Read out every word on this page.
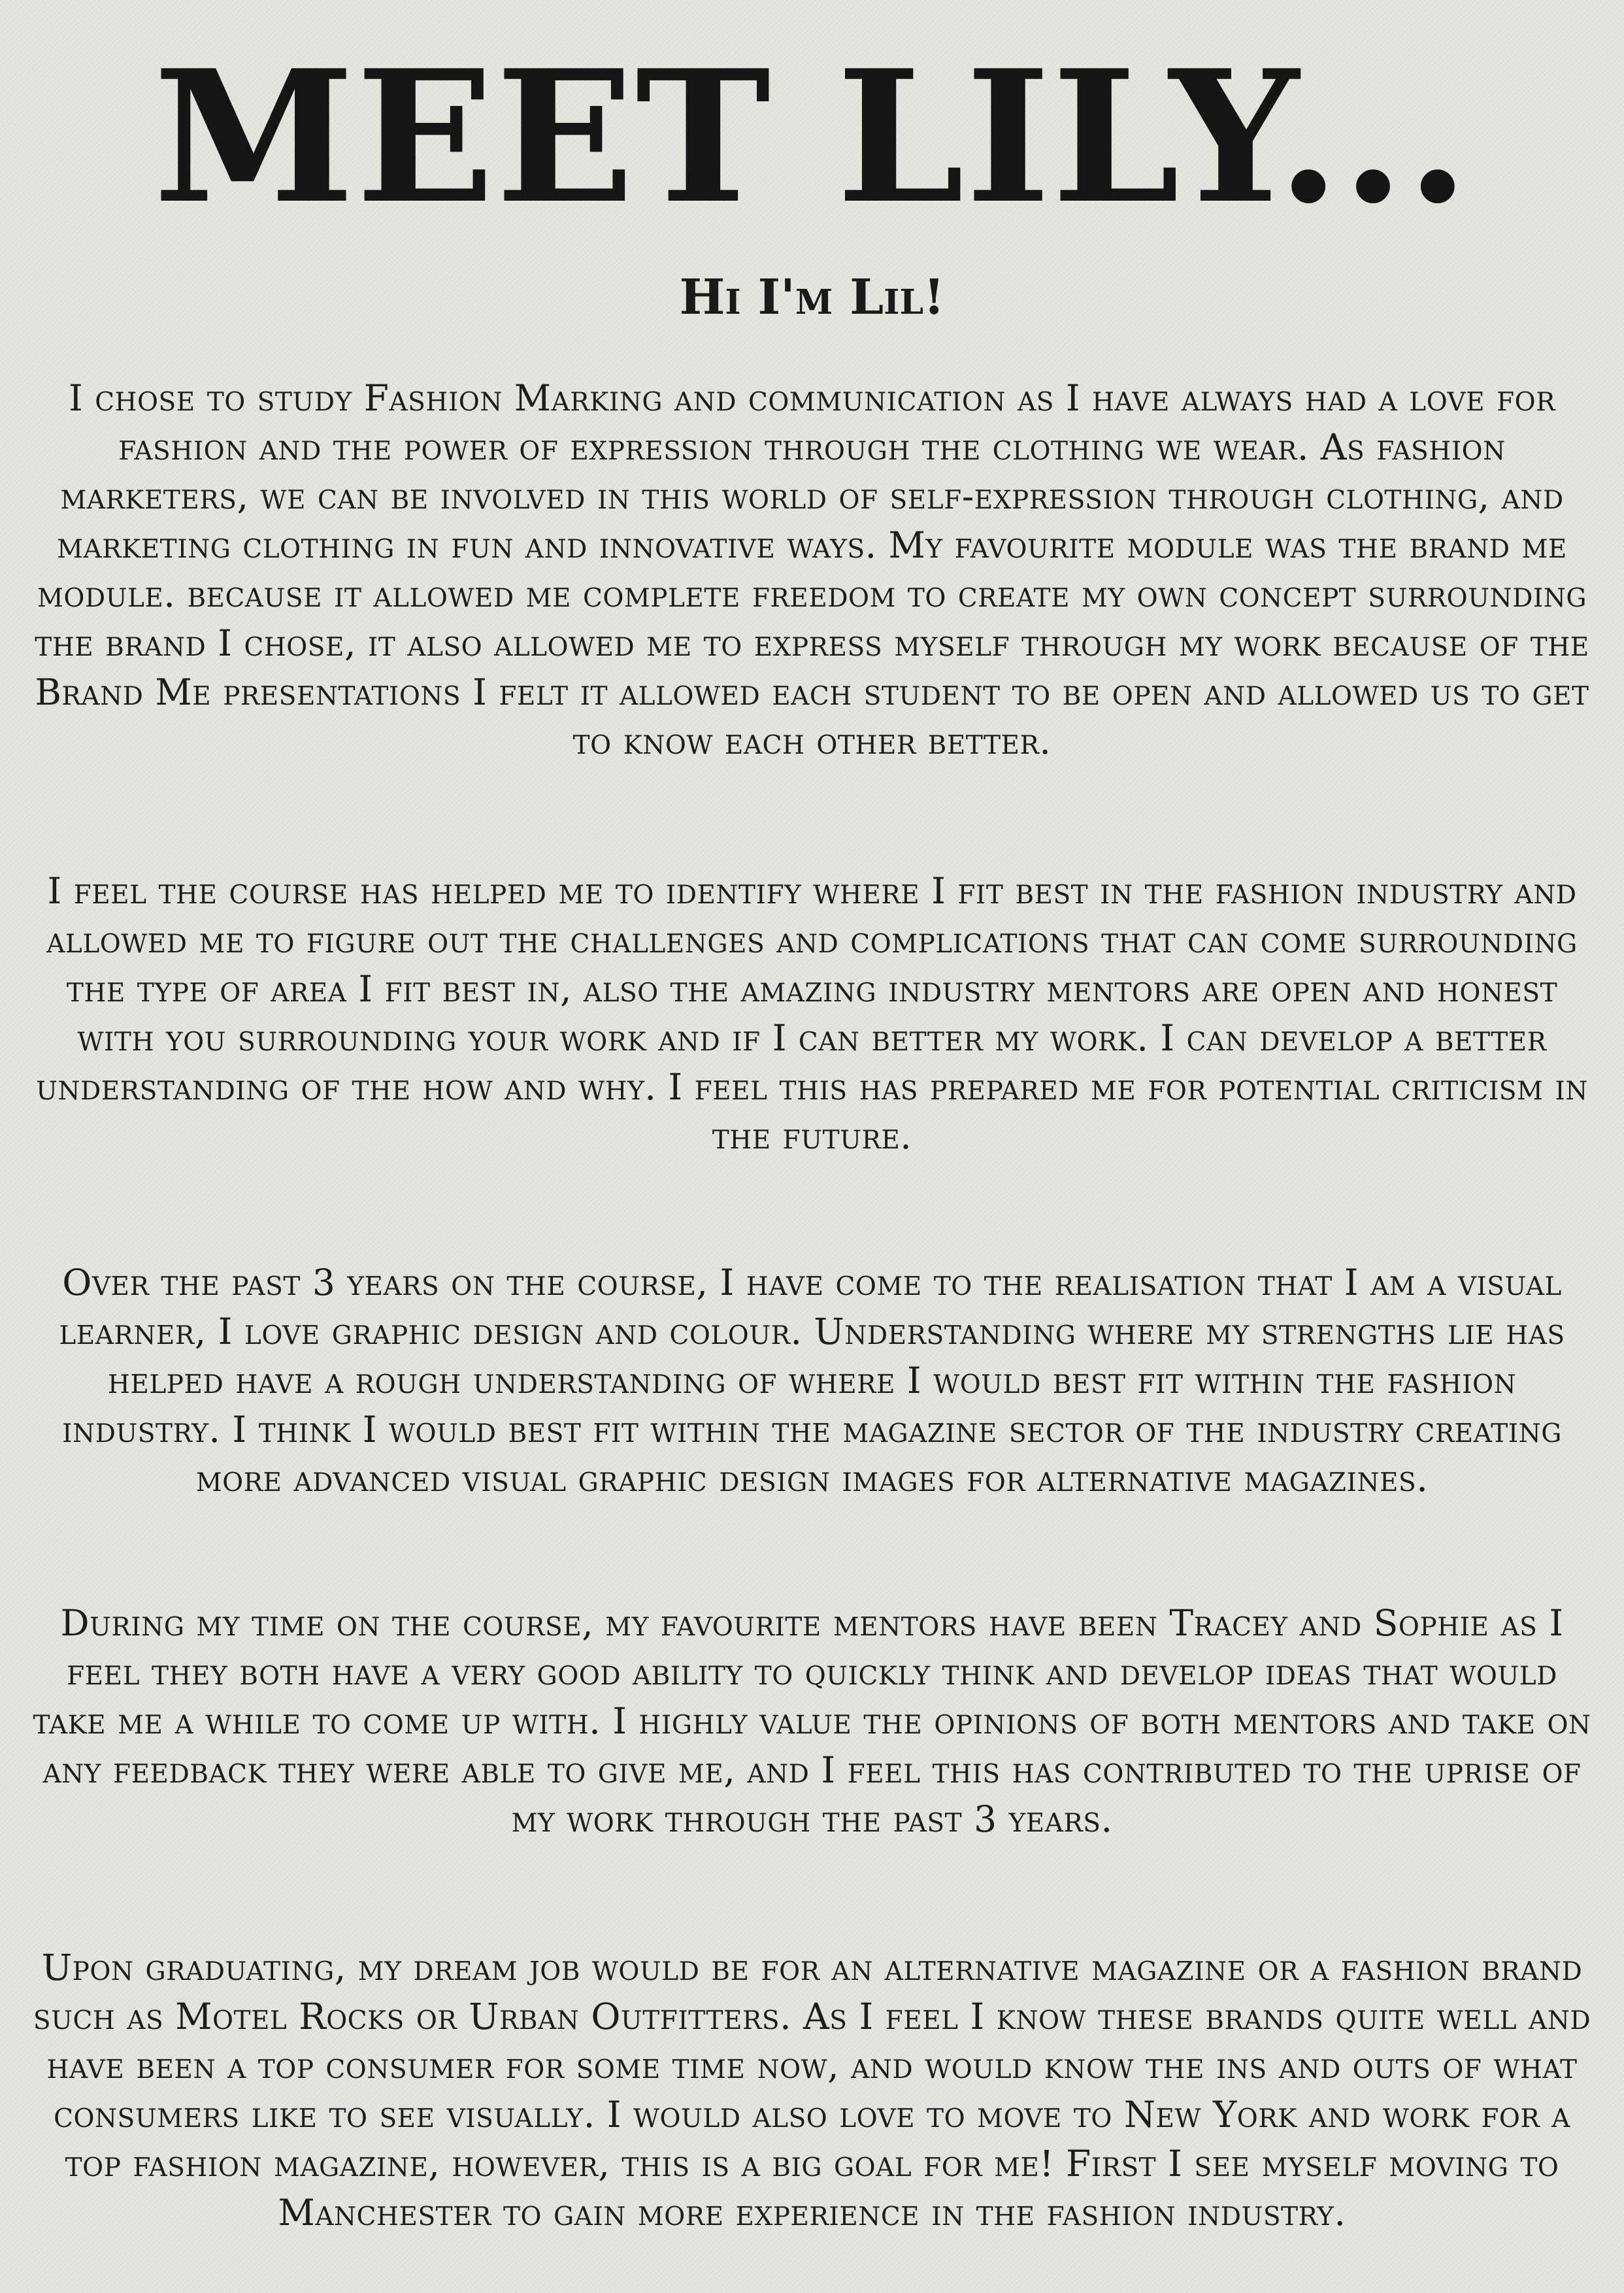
MEET LILY...
Hi I'm Lil!

I chose to study Fashion Marking and communication as I have always had a love for fashion and the power of expression through the clothing we wear. As fashion marketers, we can be involved in this world of self-expression through clothing, and marketing clothing in fun and innovative ways. My favourite module was the brand me module. because it allowed me complete freedom to create my own concept surrounding the brand I chose, it also allowed me to express myself through my work because of the Brand Me presentations I felt it allowed each student to be open and allowed us to get to know each other better.

I feel the course has helped me to identify where I fit best in the fashion industry and allowed me to figure out the challenges and complications that can come surrounding the type of area I fit best in, also the amazing industry mentors are open and honest with you surrounding your work and if I can better my work. I can develop a better understanding of the how and why. I feel this has prepared me for potential criticism in the future.

Over the past 3 years on the course, I have come to the realisation that I am a visual learner, I love graphic design and colour. Understanding where my strengths lie has helped have a rough understanding of where I would best fit within the fashion industry. I think I would best fit within the magazine sector of the industry creating more advanced visual graphic design images for alternative magazines.

During my time on the course, my favourite mentors have been Tracey and Sophie as I feel they both have a very good ability to quickly think and develop ideas that would take me a while to come up with. I highly value the opinions of both mentors and take on any feedback they were able to give me, and I feel this has contributed to the uprise of my work through the past 3 years.

Upon graduating, my dream job would be for an alternative magazine or a fashion brand such as Motel Rocks or Urban Outfitters. As I feel I know these brands quite well and have been a top consumer for some time now, and would know the ins and outs of what consumers like to see visually. I would also love to move to New York and work for a top fashion magazine, however, this is a big goal for me! First I see myself moving to Manchester to gain more experience in the fashion industry.
